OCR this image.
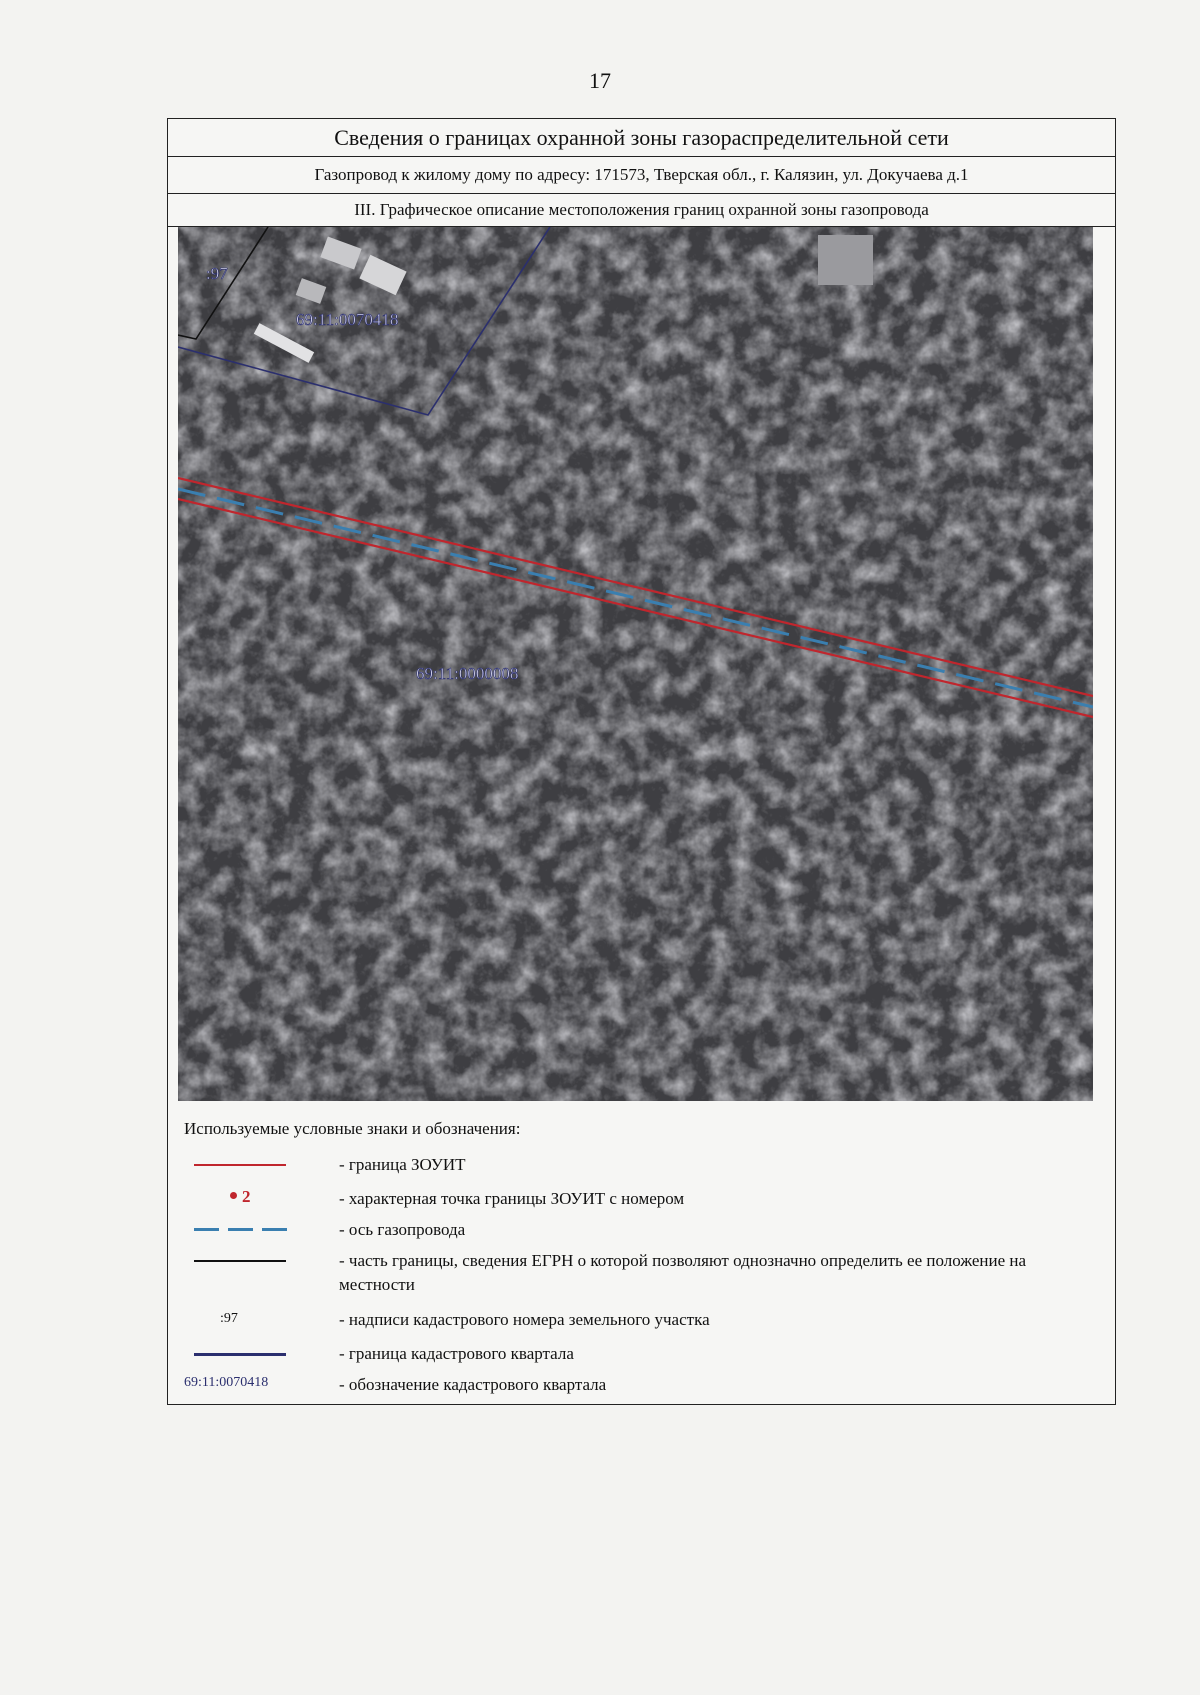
17
Сведения о границах охранной зоны газораспределительной сети
Газопровод к жилому дому по адресу: 171573, Тверская обл., г. Калязин, ул. Докучаева д.1
III. Графическое описание местоположения границ охранной зоны газопровода
:97
69:11:0070418
69:11:0000008
Используемые условные знаки и обозначения:
- граница ЗОУИТ
2	- характерная точка границы ЗОУИТ с номером
- ось газопровода
- часть границы, сведения ЕГРН о которой позволяют однозначно определить ее положение на местности
:97	- надписи кадастрового номера земельного участка
- граница кадастрового квартала
69:11:0070418	- обозначение кадастрового квартала
